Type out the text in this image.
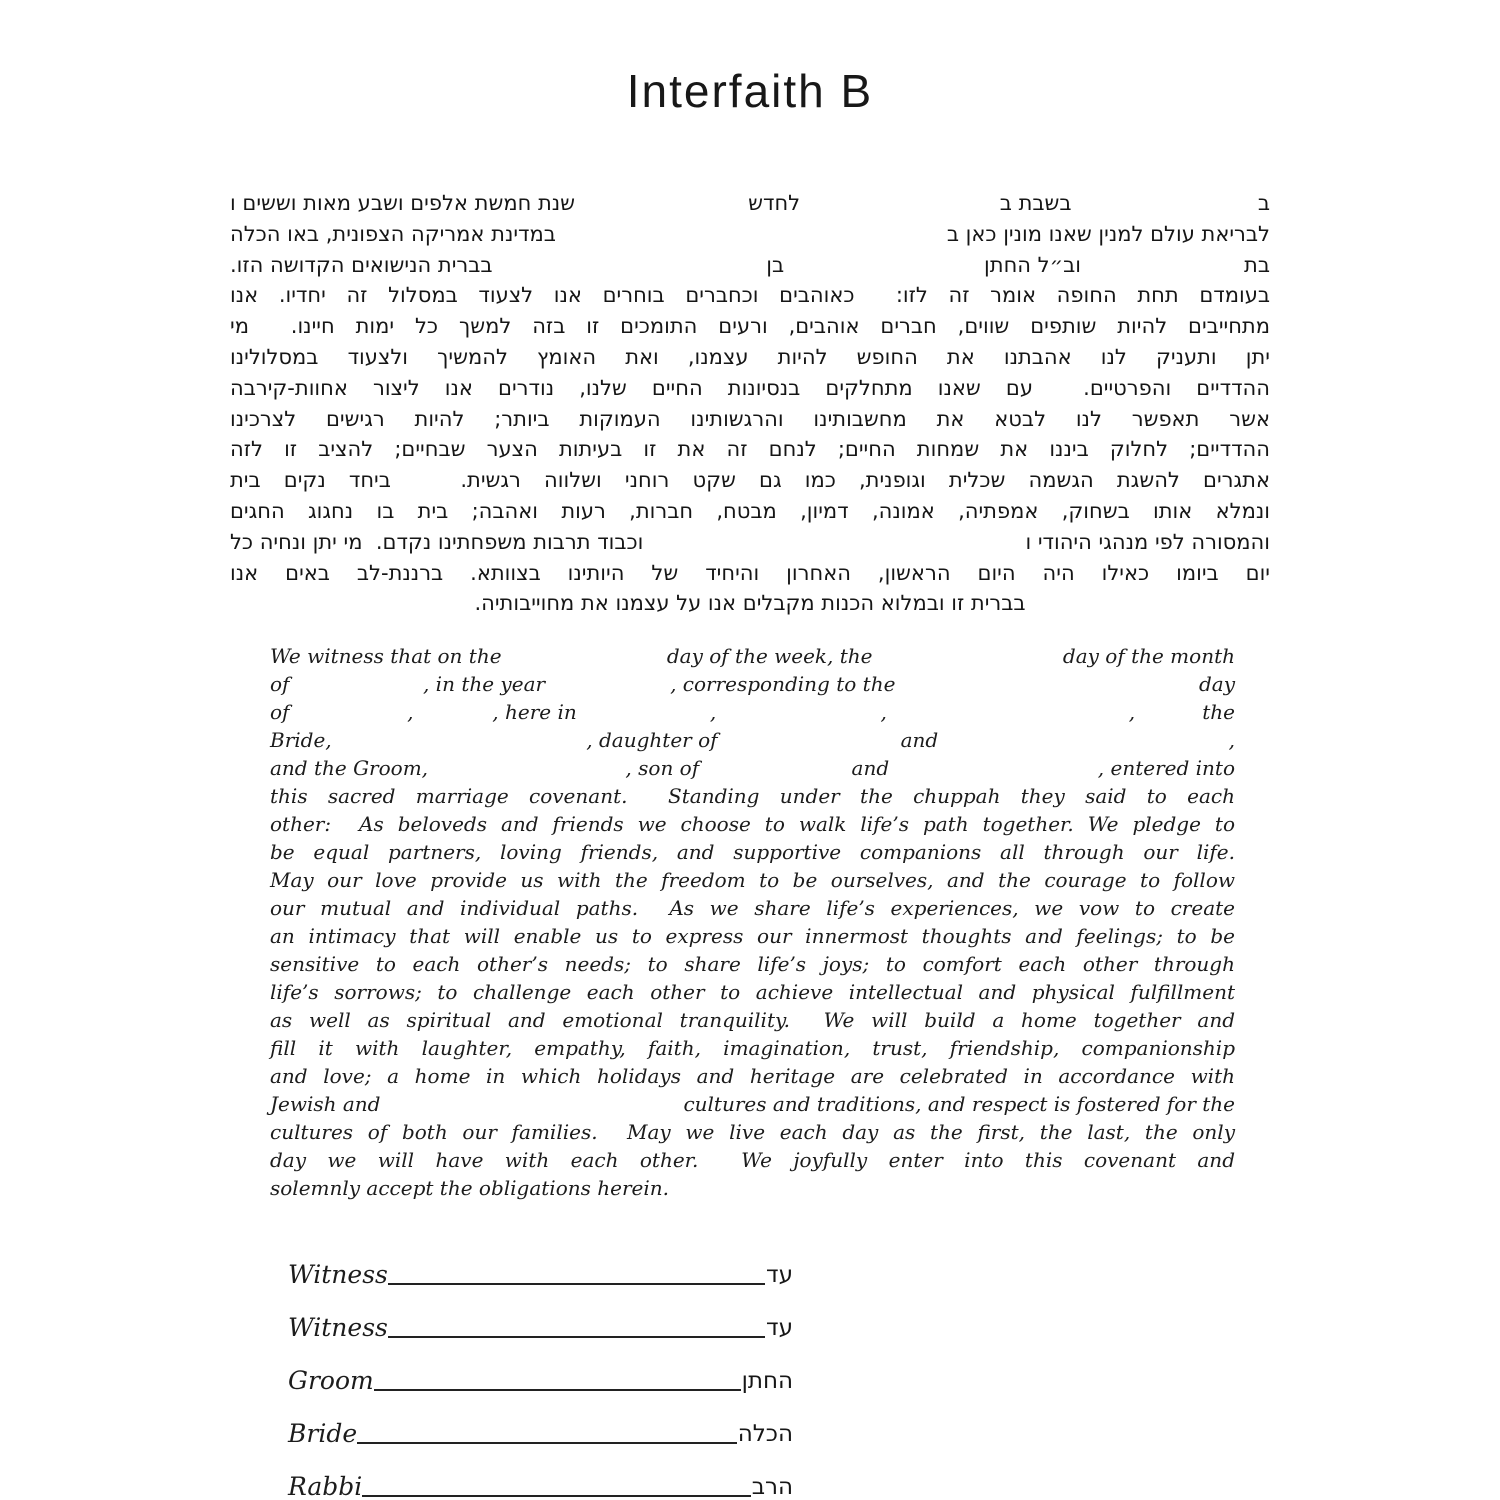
Interfaith B
ב
בשבת ב
לחדש
שנת חמשת אלפים ושבע מאות וששים ו
לבריאת עולם למנין שאנו מונין כאן ב
במדינת אמריקה הצפונית, באו הכלה
בת
וב״ל החתן
בן
בברית הנישואים הקדושה הזו.
בעומדם תחת החופה אומר זה לזו:  כאוהבים וכחברים בוחרים אנו לצעוד במסלול זה יחדיו. אנו
מתחייבים להיות שותפים שווים, חברים אוהבים, ורעים התומכים זו בזה למשך כל ימות חיינו.  מי
יתן ותעניק לנו אהבתנו את החופש להיות עצמנו, ואת האומץ להמשיך ולצעוד במסלולינו
ההדדיים והפרטיים.  עם שאנו מתחלקים בנסיונות החיים שלנו, נודרים אנו ליצור אחוות-קירבה
אשר תאפשר לנו לבטא את מחשבותינו והרגשותינו העמוקות ביותר; להיות רגישים לצרכינו
ההדדיים; לחלוק ביננו את שמחות החיים; לנחם זה את זו בעיתות הצער שבחיים; להציב זו לזה
אתגרים להשגת הגשמה שכלית וגופנית, כמו גם שקט רוחני ושלווה רגשית.   ביחד נקים בית
ונמלא אותו בשחוק, אמפתיה, אמונה, דמיון, מבטח, חברות, רעות ואהבה; בית בו נחגוג החגים
והמסורה לפי מנהגי היהודי ו
וכבוד תרבות משפחתינו נקדם.  מי יתן ונחיה כל
יום ביומו כאילו היה היום הראשון, האחרון והיחיד של היותינו בצוותא. ברננת-לב באים אנו
בברית זו ובמלוא הכנות מקבלים אנו על עצמנו את מחוייבותיה.
We witness that on the	day of the week, the	day of the month
of	, in the year	, corresponding to the	day
of	,	, here in	,	,	,	the
Bride,	, daughter of	and	,
and the Groom,	, son of	and	, entered into
this sacred marriage covenant.  Standing under the chuppah they said to each
other:  As beloveds and friends we choose to walk life’s path together. We pledge to
be equal partners, loving friends, and supportive companions all through our life.
May our love provide us with the freedom to be ourselves, and the courage to follow
our mutual and individual paths.  As we share life’s experiences, we vow to create
an intimacy that will enable us to express our innermost thoughts and feelings; to be
sensitive to each other’s needs; to share life’s joys; to comfort each other through
life’s sorrows; to challenge each other to achieve intellectual and physical fulfillment
as well as spiritual and emotional tranquility.  We will build a home together and
fill it with laughter, empathy, faith, imagination, trust, friendship, companionship
and love; a home in which holidays and heritage are celebrated in accordance with
Jewish and	cultures and traditions, and respect is fostered for the
cultures of both our families.  May we live each day as the first, the last, the only
day we will have with each other.  We joyfully enter into this covenant and
solemnly accept the obligations herein.
Witness	עד
Witness	עד
Groom	החתן
Bride	הכלה
Rabbi	הרב
